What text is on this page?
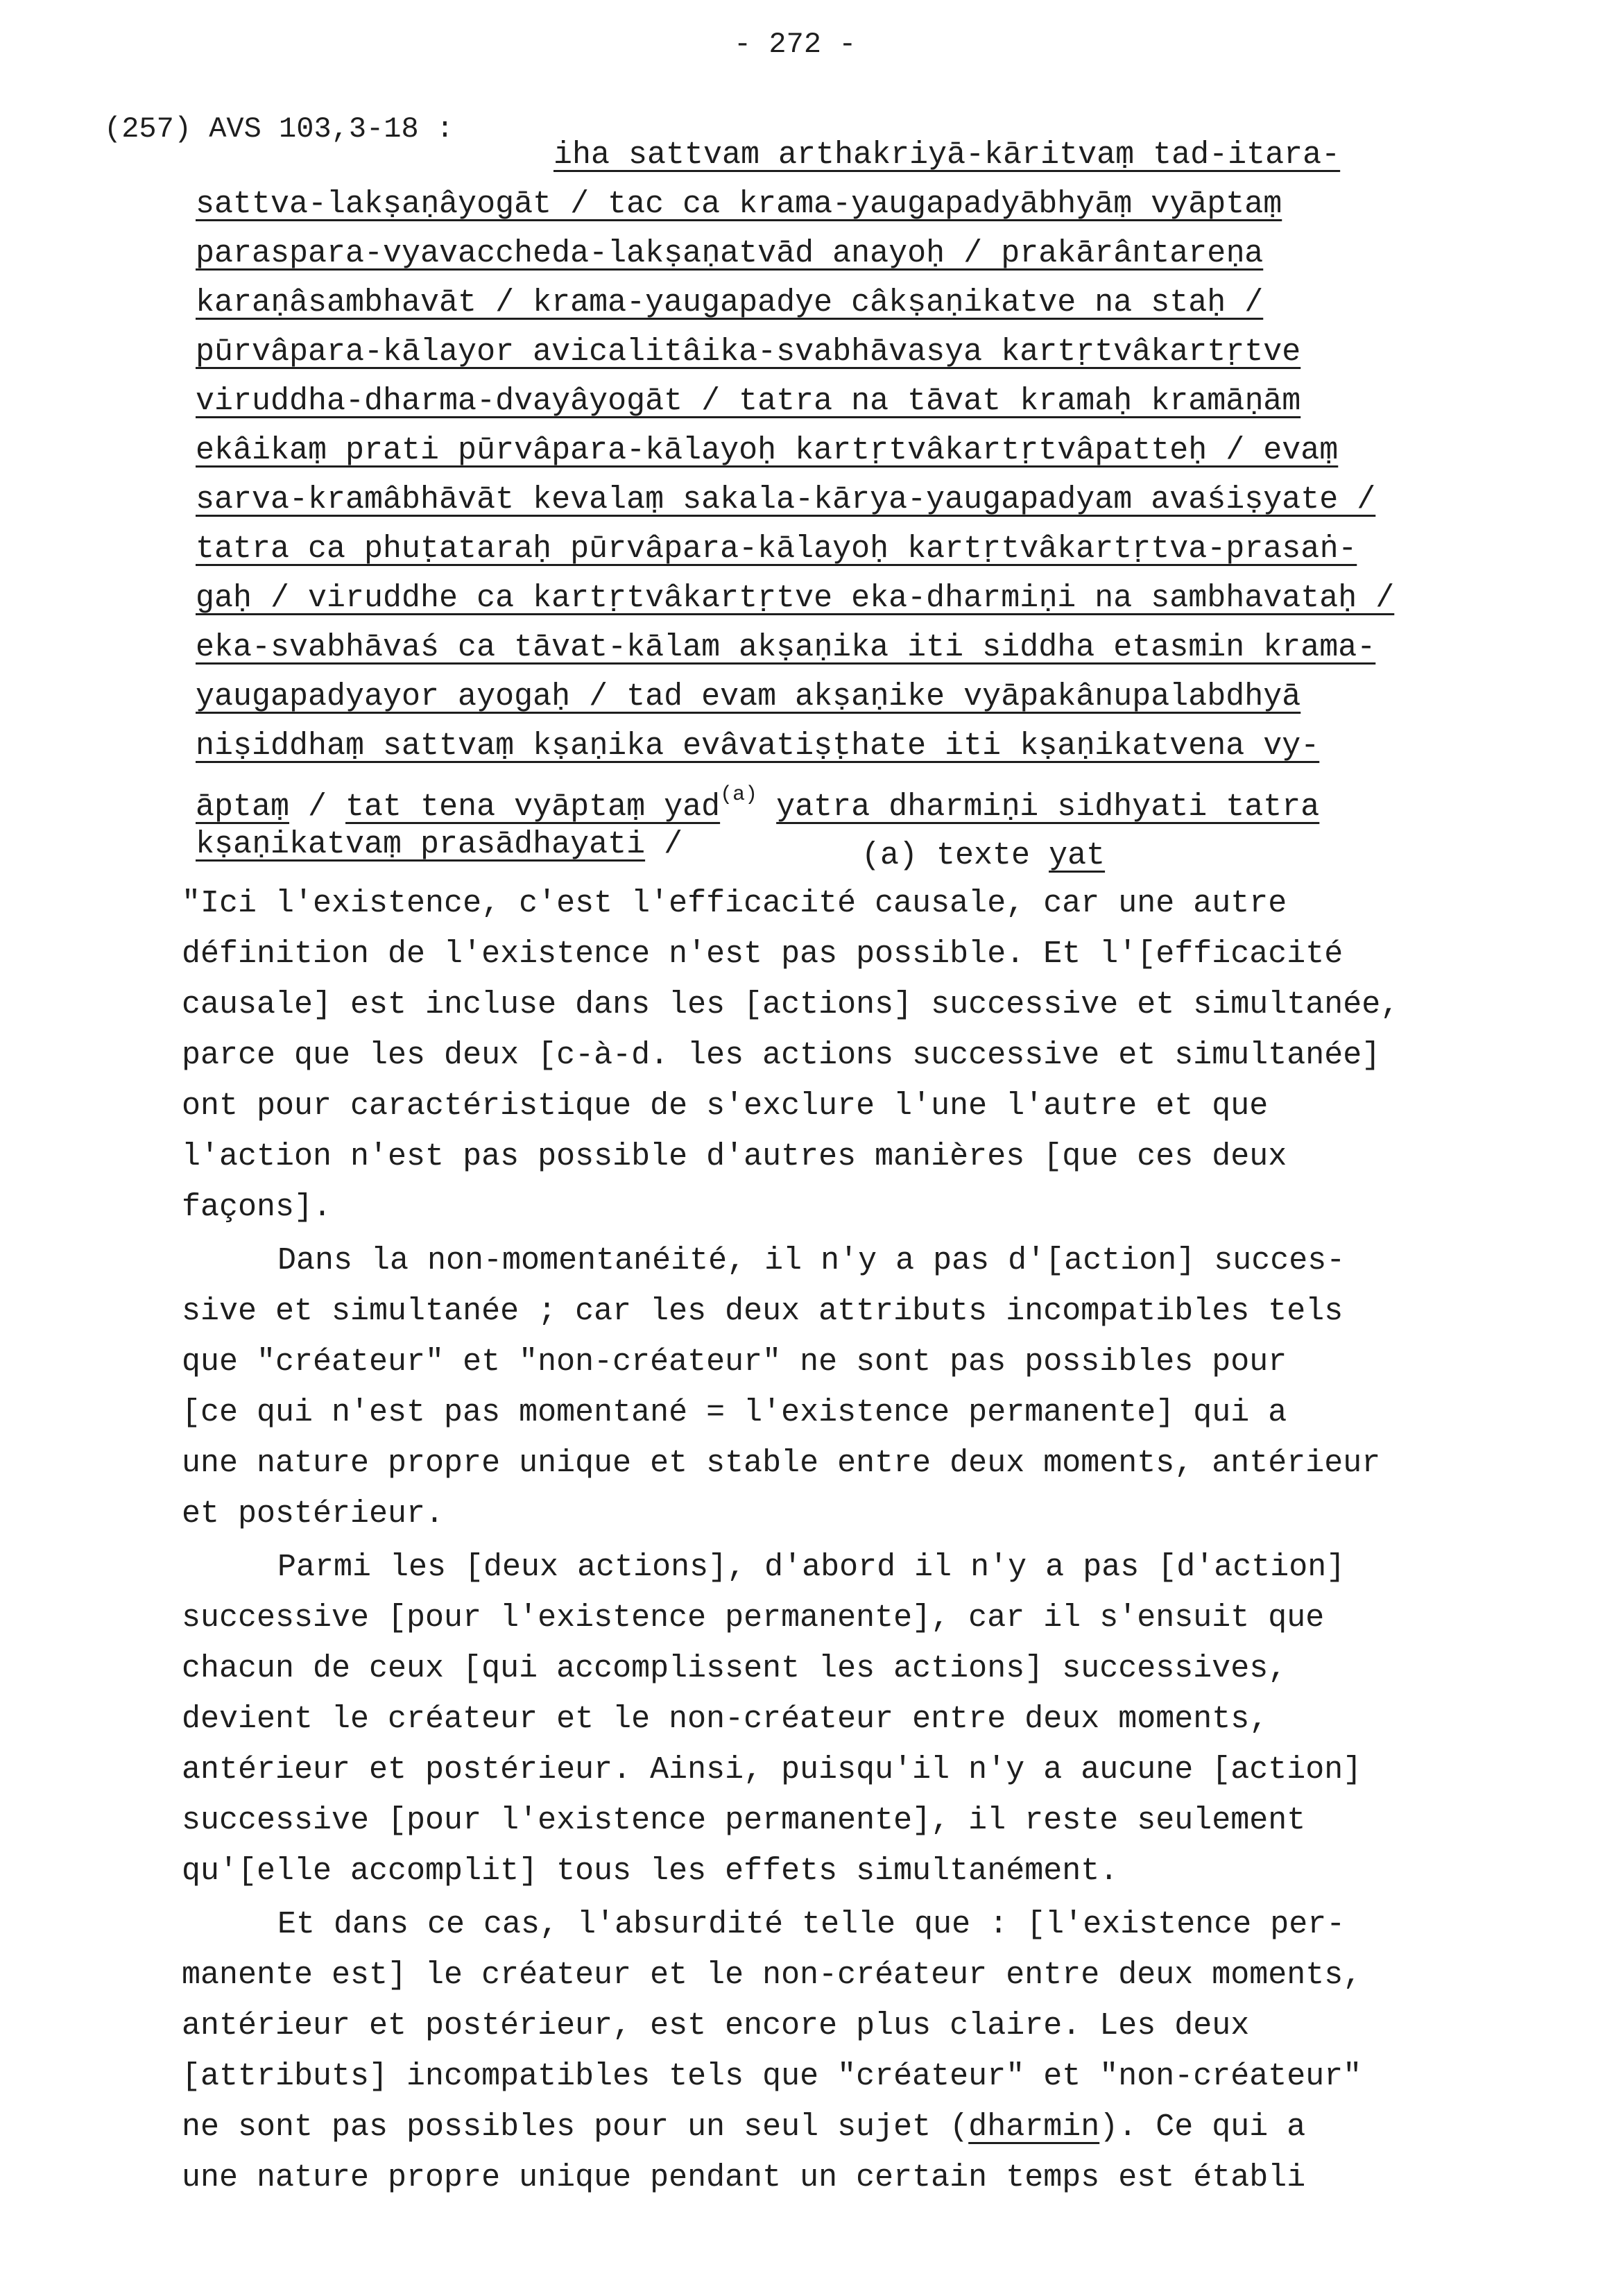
- 272 -
(257) AVS 103,3-18 :
iha sattvam arthakriyā-kāritvaṃ tad-itara-
sattva-lakṣaṇâyogāt / tac ca krama-yaugapadyābhyāṃ vyāptaṃ
paraspara-vyavaccheda-lakṣaṇatvād anayoḥ / prakārântareṇa
karaṇâsambhavāt / krama-yaugapadye câkṣaṇikatve na staḥ /
pūrvâpara-kālayor avicalitâika-svabhāvasya kartṛtvâkartṛtve
viruddha-dharma-dvayâyogāt / tatra na tāvat kramaḥ kramāṇām
ekâikaṃ prati pūrvâpara-kālayoḥ kartṛtvâkartṛtvâpatteḥ / evaṃ
sarva-kramâbhāvāt kevalaṃ sakala-kārya-yaugapadyam avaśiṣyate /
tatra ca phuṭataraḥ pūrvâpara-kālayoḥ kartṛtvâkartṛtva-prasaṅ-
gaḥ / viruddhe ca kartṛtvâkartṛtve eka-dharmiṇi na sambhavataḥ /
eka-svabhāvaś ca tāvat-kālam akṣaṇika iti siddha etasmin krama-
yaugapadyayor ayogaḥ / tad evam akṣaṇike vyāpakânupalabdhyā
niṣiddhaṃ sattvaṃ kṣaṇika evâvatiṣṭhate iti kṣaṇikatvena vy-
āptaṃ / tat tena vyāptaṃ yad$^{(a)}$ yatra dharmiṇi sidhyati tatra
kṣaṇikatvaṃ prasādhayati /	(a) texte yat
"Ici l'existence, c'est l'efficacité causale, car une autre
définition de l'existence n'est pas possible. Et l'[efficacité
causale] est incluse dans les [actions] successive et simultanée,
parce que les deux [c-à-d. les actions successive et simultanée]
ont pour caractéristique de s'exclure l'une l'autre et que
l'action n'est pas possible d'autres manières [que ces deux
façons].
Dans la non-momentanéité, il n'y a pas d'[action] succes-
sive et simultanée ; car les deux attributs incompatibles tels
que "créateur" et "non-créateur" ne sont pas possibles pour
[ce qui n'est pas momentané = l'existence permanente] qui a
une nature propre unique et stable entre deux moments, antérieur
et postérieur.
Parmi les [deux actions], d'abord il n'y a pas [d'action]
successive [pour l'existence permanente], car il s'ensuit que
chacun de ceux [qui accomplissent les actions] successives,
devient le créateur et le non-créateur entre deux moments,
antérieur et postérieur. Ainsi, puisqu'il n'y a aucune [action]
successive [pour l'existence permanente], il reste seulement
qu'[elle accomplit] tous les effets simultanément.
Et dans ce cas, l'absurdité telle que : [l'existence per-
manente est] le créateur et le non-créateur entre deux moments,
antérieur et postérieur, est encore plus claire. Les deux
[attributs] incompatibles tels que "créateur" et "non-créateur"
ne sont pas possibles pour un seul sujet (dharmin). Ce qui a
une nature propre unique pendant un certain temps est établi
